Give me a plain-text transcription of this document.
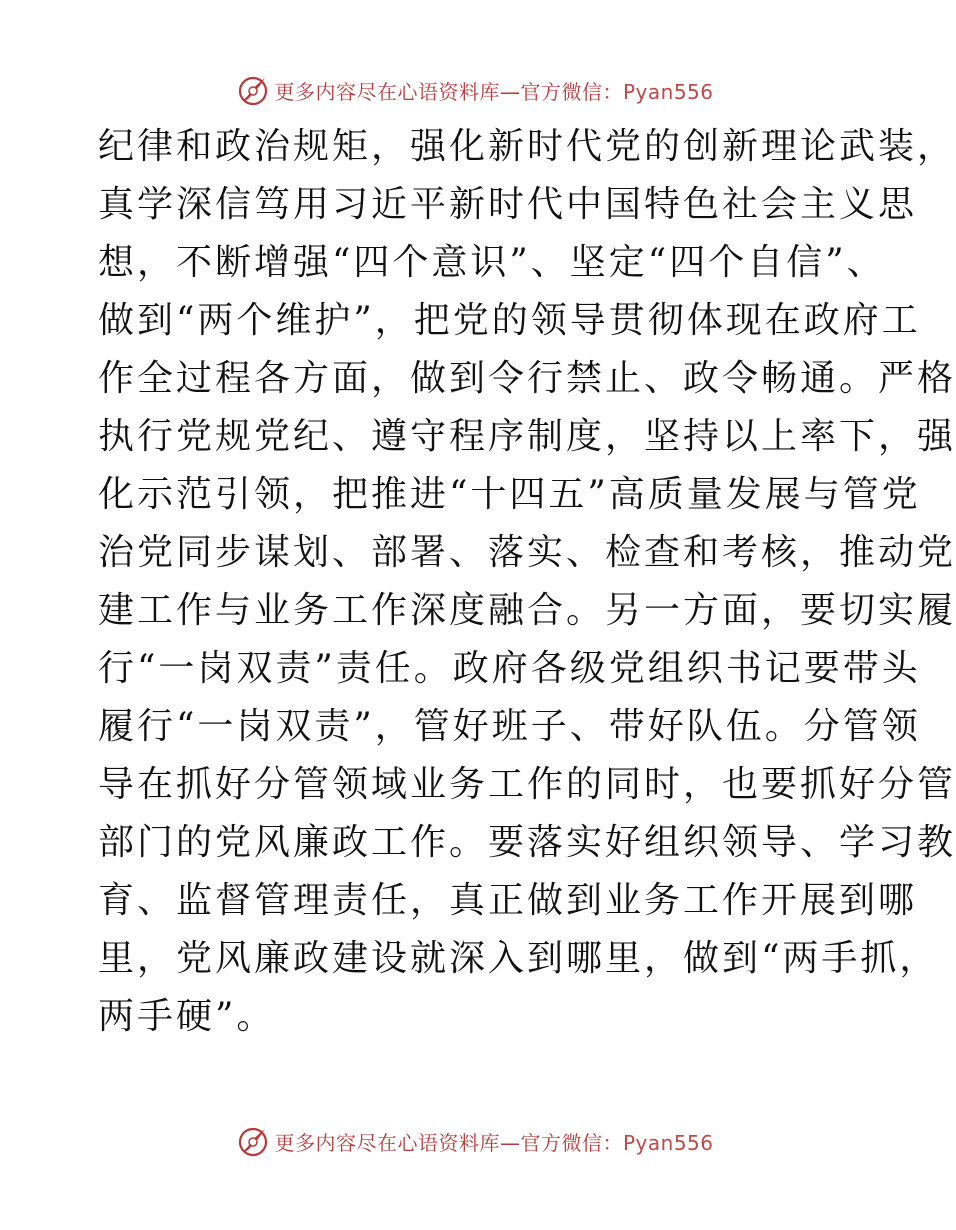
更多内容尽在心语资料库—官方微信：Pyan556
纪律和政治规矩，强化新时代党的创新理论武装，
真学深信笃用习近平新时代中国特色社会主义思
想，不断增强“四个意识”、坚定“四个自信”、
做到“两个维护”，把党的领导贯彻体现在政府工
作全过程各方面，做到令行禁止、政令畅通。严格
执行党规党纪、遵守程序制度，坚持以上率下，强
化示范引领，把推进“十四五”高质量发展与管党
治党同步谋划、部署、落实、检查和考核，推动党
建工作与业务工作深度融合。另一方面，要切实履
行“一岗双责”责任。政府各级党组织书记要带头
履行“一岗双责”，管好班子、带好队伍。分管领
导在抓好分管领域业务工作的同时，也要抓好分管
部门的党风廉政工作。要落实好组织领导、学习教
育、监督管理责任，真正做到业务工作开展到哪
里，党风廉政建设就深入到哪里，做到“两手抓，
两手硬”。
更多内容尽在心语资料库—官方微信：Pyan556
